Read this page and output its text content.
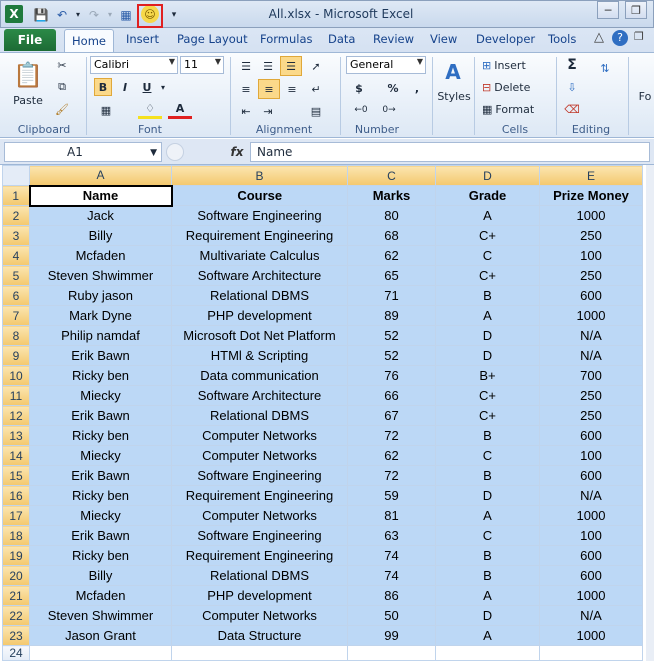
X	💾 ↶	▾ ↷	▾ ▦	☺	▾	All.xlsx - Microsoft Excel	─	❐
File	Home	Insert Page Layout Formulas Data Review View Developer Tools △	?	❐
📋
Paste
✂
⧉
🖌
Clipboard
Calibri	▼ 11 ▼
B	I	U	▾
▦	♢	A
Font
☰	☰	☰	➚
≡	≡	≡	↵
⇤	⇥	▤
Alignment
General	▼
$	%	,
←0	0→
Number
A
Styles
⊞ Insert
⊟ Delete
▦ Format
Cells
Σ	⇅
⇩
⌫
Editing
Fo
A1	▼	fx	Name
	A	B	C	D	E
1	Name	Course	Marks	Grade	Prize Money
2	Jack	Software Engineering	80	A	1000
3	Billy	Requirement Engineering	68	C+	250
4	Mcfaden	Multivariate Calculus	62	C	100
5	Steven Shwimmer	Software Architecture	65	C+	250
6	Ruby jason	Relational DBMS	71	B	600
7	Mark Dyne	PHP development	89	A	1000
8	Philip namdaf	Microsoft Dot Net Platform	52	D	N/A
9	Erik Bawn	HTMl & Scripting	52	D	N/A
10	Ricky ben	Data communication	76	B+	700
11	Miecky	Software Architecture	66	C+	250
12	Erik Bawn	Relational DBMS	67	C+	250
13	Ricky ben	Computer Networks	72	B	600
14	Miecky	Computer Networks	62	C	100
15	Erik Bawn	Software Engineering	72	B	600
16	Ricky ben	Requirement Engineering	59	D	N/A
17	Miecky	Computer Networks	81	A	1000
18	Erik Bawn	Software Engineering	63	C	100
19	Ricky ben	Requirement Engineering	74	B	600
20	Billy	Relational DBMS	74	B	600
21	Mcfaden	PHP development	86	A	1000
22	Steven Shwimmer	Computer Networks	50	D	N/A
23	Jason Grant	Data Structure	99	A	1000
24					
